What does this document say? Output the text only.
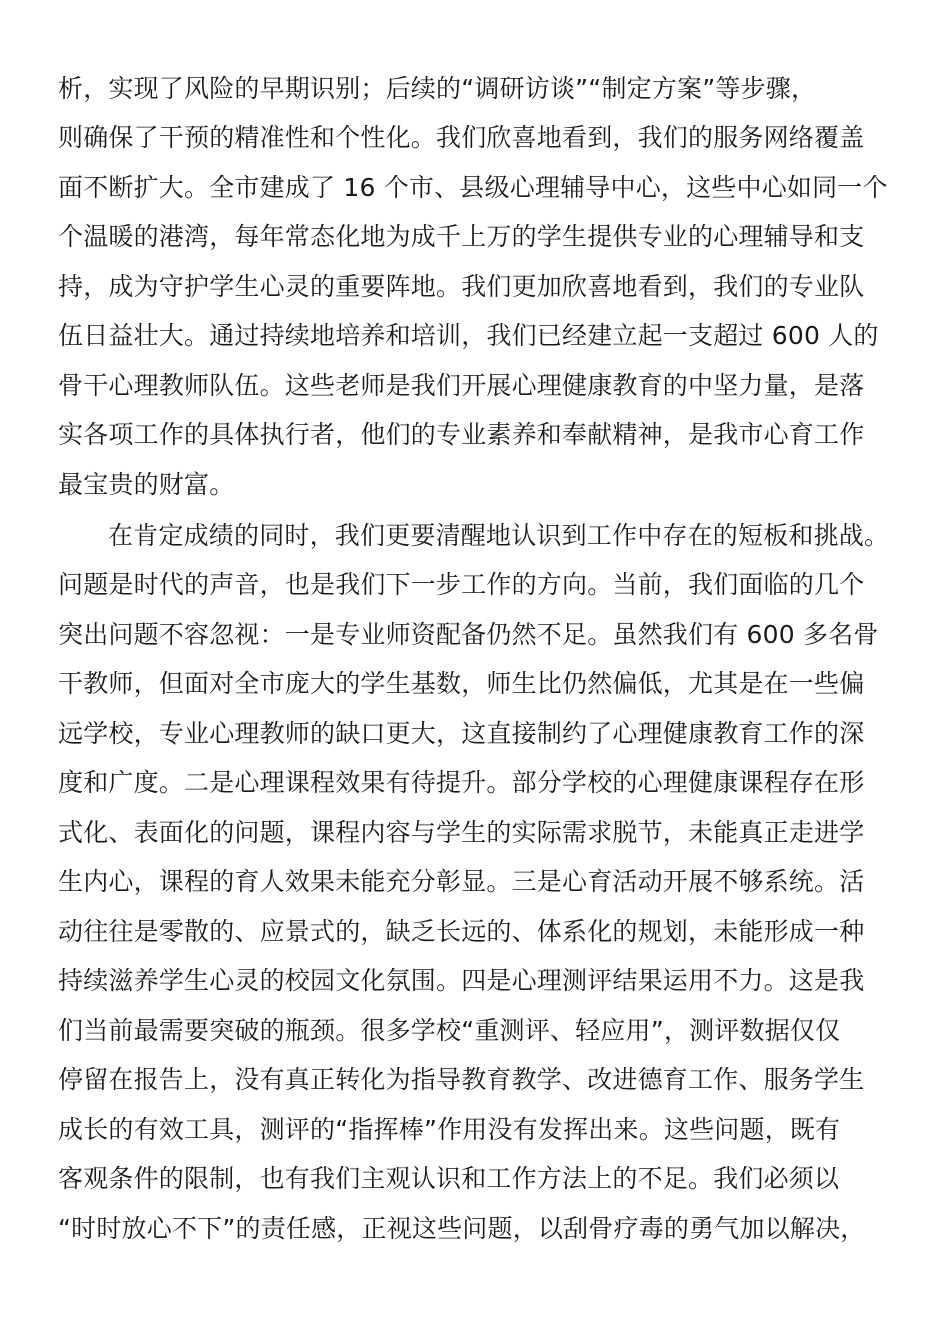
析，实现了风险的早期识别；后续的“调研访谈”“制定方案”等步骤，
则确保了干预的精准性和个性化。我们欣喜地看到，我们的服务网络覆盖
面不断扩大。全市建成了 16 个市、县级心理辅导中心，这些中心如同一个
个温暖的港湾，每年常态化地为成千上万的学生提供专业的心理辅导和支
持，成为守护学生心灵的重要阵地。我们更加欣喜地看到，我们的专业队
伍日益壮大。通过持续地培养和培训，我们已经建立起一支超过 600 人的
骨干心理教师队伍。这些老师是我们开展心理健康教育的中坚力量，是落
实各项工作的具体执行者，他们的专业素养和奉献精神，是我市心育工作
最宝贵的财富。
在肯定成绩的同时，我们更要清醒地认识到工作中存在的短板和挑战。
问题是时代的声音，也是我们下一步工作的方向。当前，我们面临的几个
突出问题不容忽视：一是专业师资配备仍然不足。虽然我们有 600 多名骨
干教师，但面对全市庞大的学生基数，师生比仍然偏低，尤其是在一些偏
远学校，专业心理教师的缺口更大，这直接制约了心理健康教育工作的深
度和广度。二是心理课程效果有待提升。部分学校的心理健康课程存在形
式化、表面化的问题，课程内容与学生的实际需求脱节，未能真正走进学
生内心，课程的育人效果未能充分彰显。三是心育活动开展不够系统。活
动往往是零散的、应景式的，缺乏长远的、体系化的规划，未能形成一种
持续滋养学生心灵的校园文化氛围。四是心理测评结果运用不力。这是我
们当前最需要突破的瓶颈。很多学校“重测评、轻应用”，测评数据仅仅
停留在报告上，没有真正转化为指导教育教学、改进德育工作、服务学生
成长的有效工具，测评的“指挥棒”作用没有发挥出来。这些问题，既有
客观条件的限制，也有我们主观认识和工作方法上的不足。我们必须以
“时时放心不下”的责任感，正视这些问题，以刮骨疗毒的勇气加以解决，
